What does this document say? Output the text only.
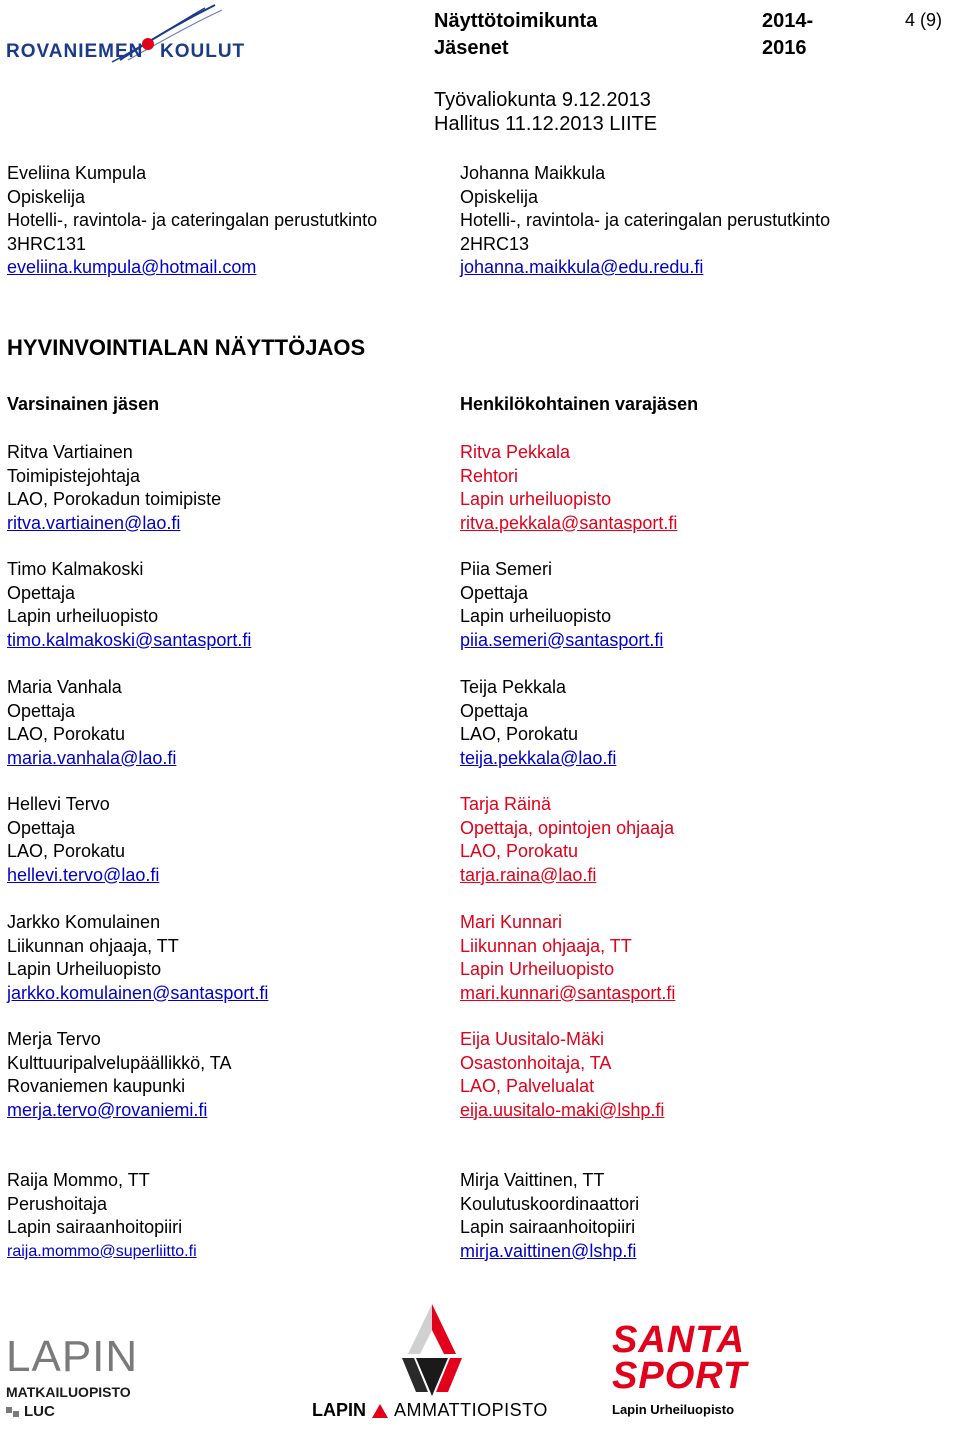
ROVANIEMEN KOULUT
Näyttötoimikunta
Jäsenet
2014-
2016
4 (9)
Työvaliokunta 9.12.2013
Hallitus 11.12.2013 LIITE
Eveliina Kumpula
Opiskelija
Hotelli-, ravintola- ja cateringalan perustutkinto
3HRC131
eveliina.kumpula@hotmail.com
Johanna Maikkula
Opiskelija
Hotelli-, ravintola- ja cateringalan perustutkinto
2HRC13
johanna.maikkula@edu.redu.fi
HYVINVOINTIALAN NÄYTTÖJAOS
Varsinainen jäsen	Henkilökohtainen varajäsen
Ritva Vartiainen
Toimipistejohtaja
LAO, Porokadun toimipiste
ritva.vartiainen@lao.fi
Timo Kalmakoski
Opettaja
Lapin urheiluopisto
timo.kalmakoski@santasport.fi
Maria Vanhala
Opettaja
LAO, Porokatu
maria.vanhala@lao.fi
Hellevi Tervo
Opettaja
LAO, Porokatu
hellevi.tervo@lao.fi
Jarkko Komulainen
Liikunnan ohjaaja, TT
Lapin Urheiluopisto
jarkko.komulainen@santasport.fi
Merja Tervo
Kulttuuripalvelupäällikkö, TA
Rovaniemen kaupunki
merja.tervo@rovaniemi.fi
Raija Mommo, TT
Perushoitaja
Lapin sairaanhoitopiiri
raija.mommo@superliitto.fi
Ritva Pekkala
Rehtori
Lapin urheiluopisto
ritva.pekkala@santasport.fi
Piia Semeri
Opettaja
Lapin urheiluopisto
piia.semeri@santasport.fi
Teija Pekkala
Opettaja
LAO, Porokatu
teija.pekkala@lao.fi
Tarja Räinä
Opettaja, opintojen ohjaaja
LAO, Porokatu
tarja.raina@lao.fi
Mari Kunnari
Liikunnan ohjaaja, TT
Lapin Urheiluopisto
mari.kunnari@santasport.fi
Eija Uusitalo-Mäki
Osastonhoitaja, TA
LAO, Palvelualat
eija.uusitalo-maki@lshp.fi
Mirja Vaittinen, TT
Koulutuskoordinaattori
Lapin sairaanhoitopiiri
mirja.vaittinen@lshp.fi
LAPIN
MATKAILUOPISTO
LUC	LAPIN AMMATTIOPISTO
SANTA
SPORT
Lapin Urheiluopisto
